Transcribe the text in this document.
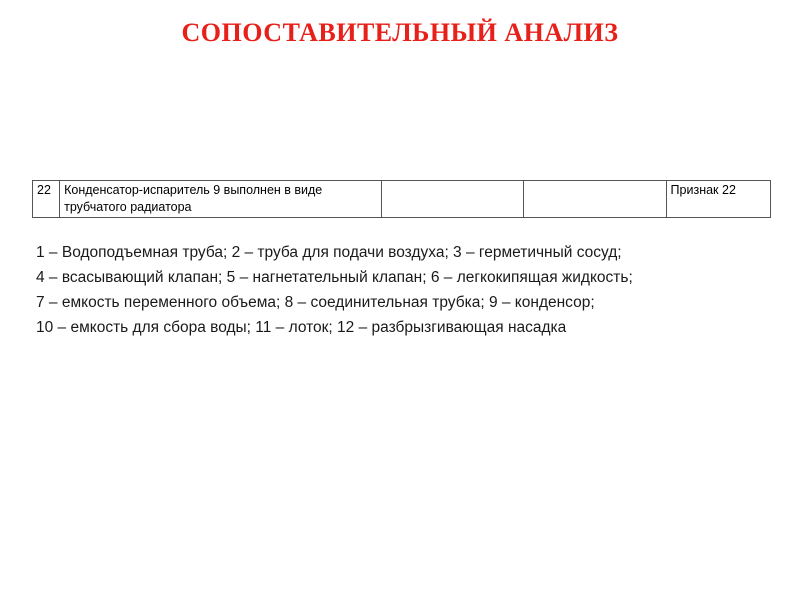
СОПОСТАВИТЕЛЬНЫЙ АНАЛИЗ
22	Конденсатор-испаритель 9 выполнен в виде трубчатого радиатора			Признак 22
1 – Водоподъемная труба; 2 – труба для подачи воздуха; 3 – герметичный сосуд;
4 – всасывающий клапан; 5 – нагнетательный клапан; 6 – легкокипящая жидкость;
7 – емкость переменного объема; 8 – соединительная трубка; 9 – конденсор;
10 – емкость для сбора воды; 11 – лоток; 12 – разбрызгивающая насадка
